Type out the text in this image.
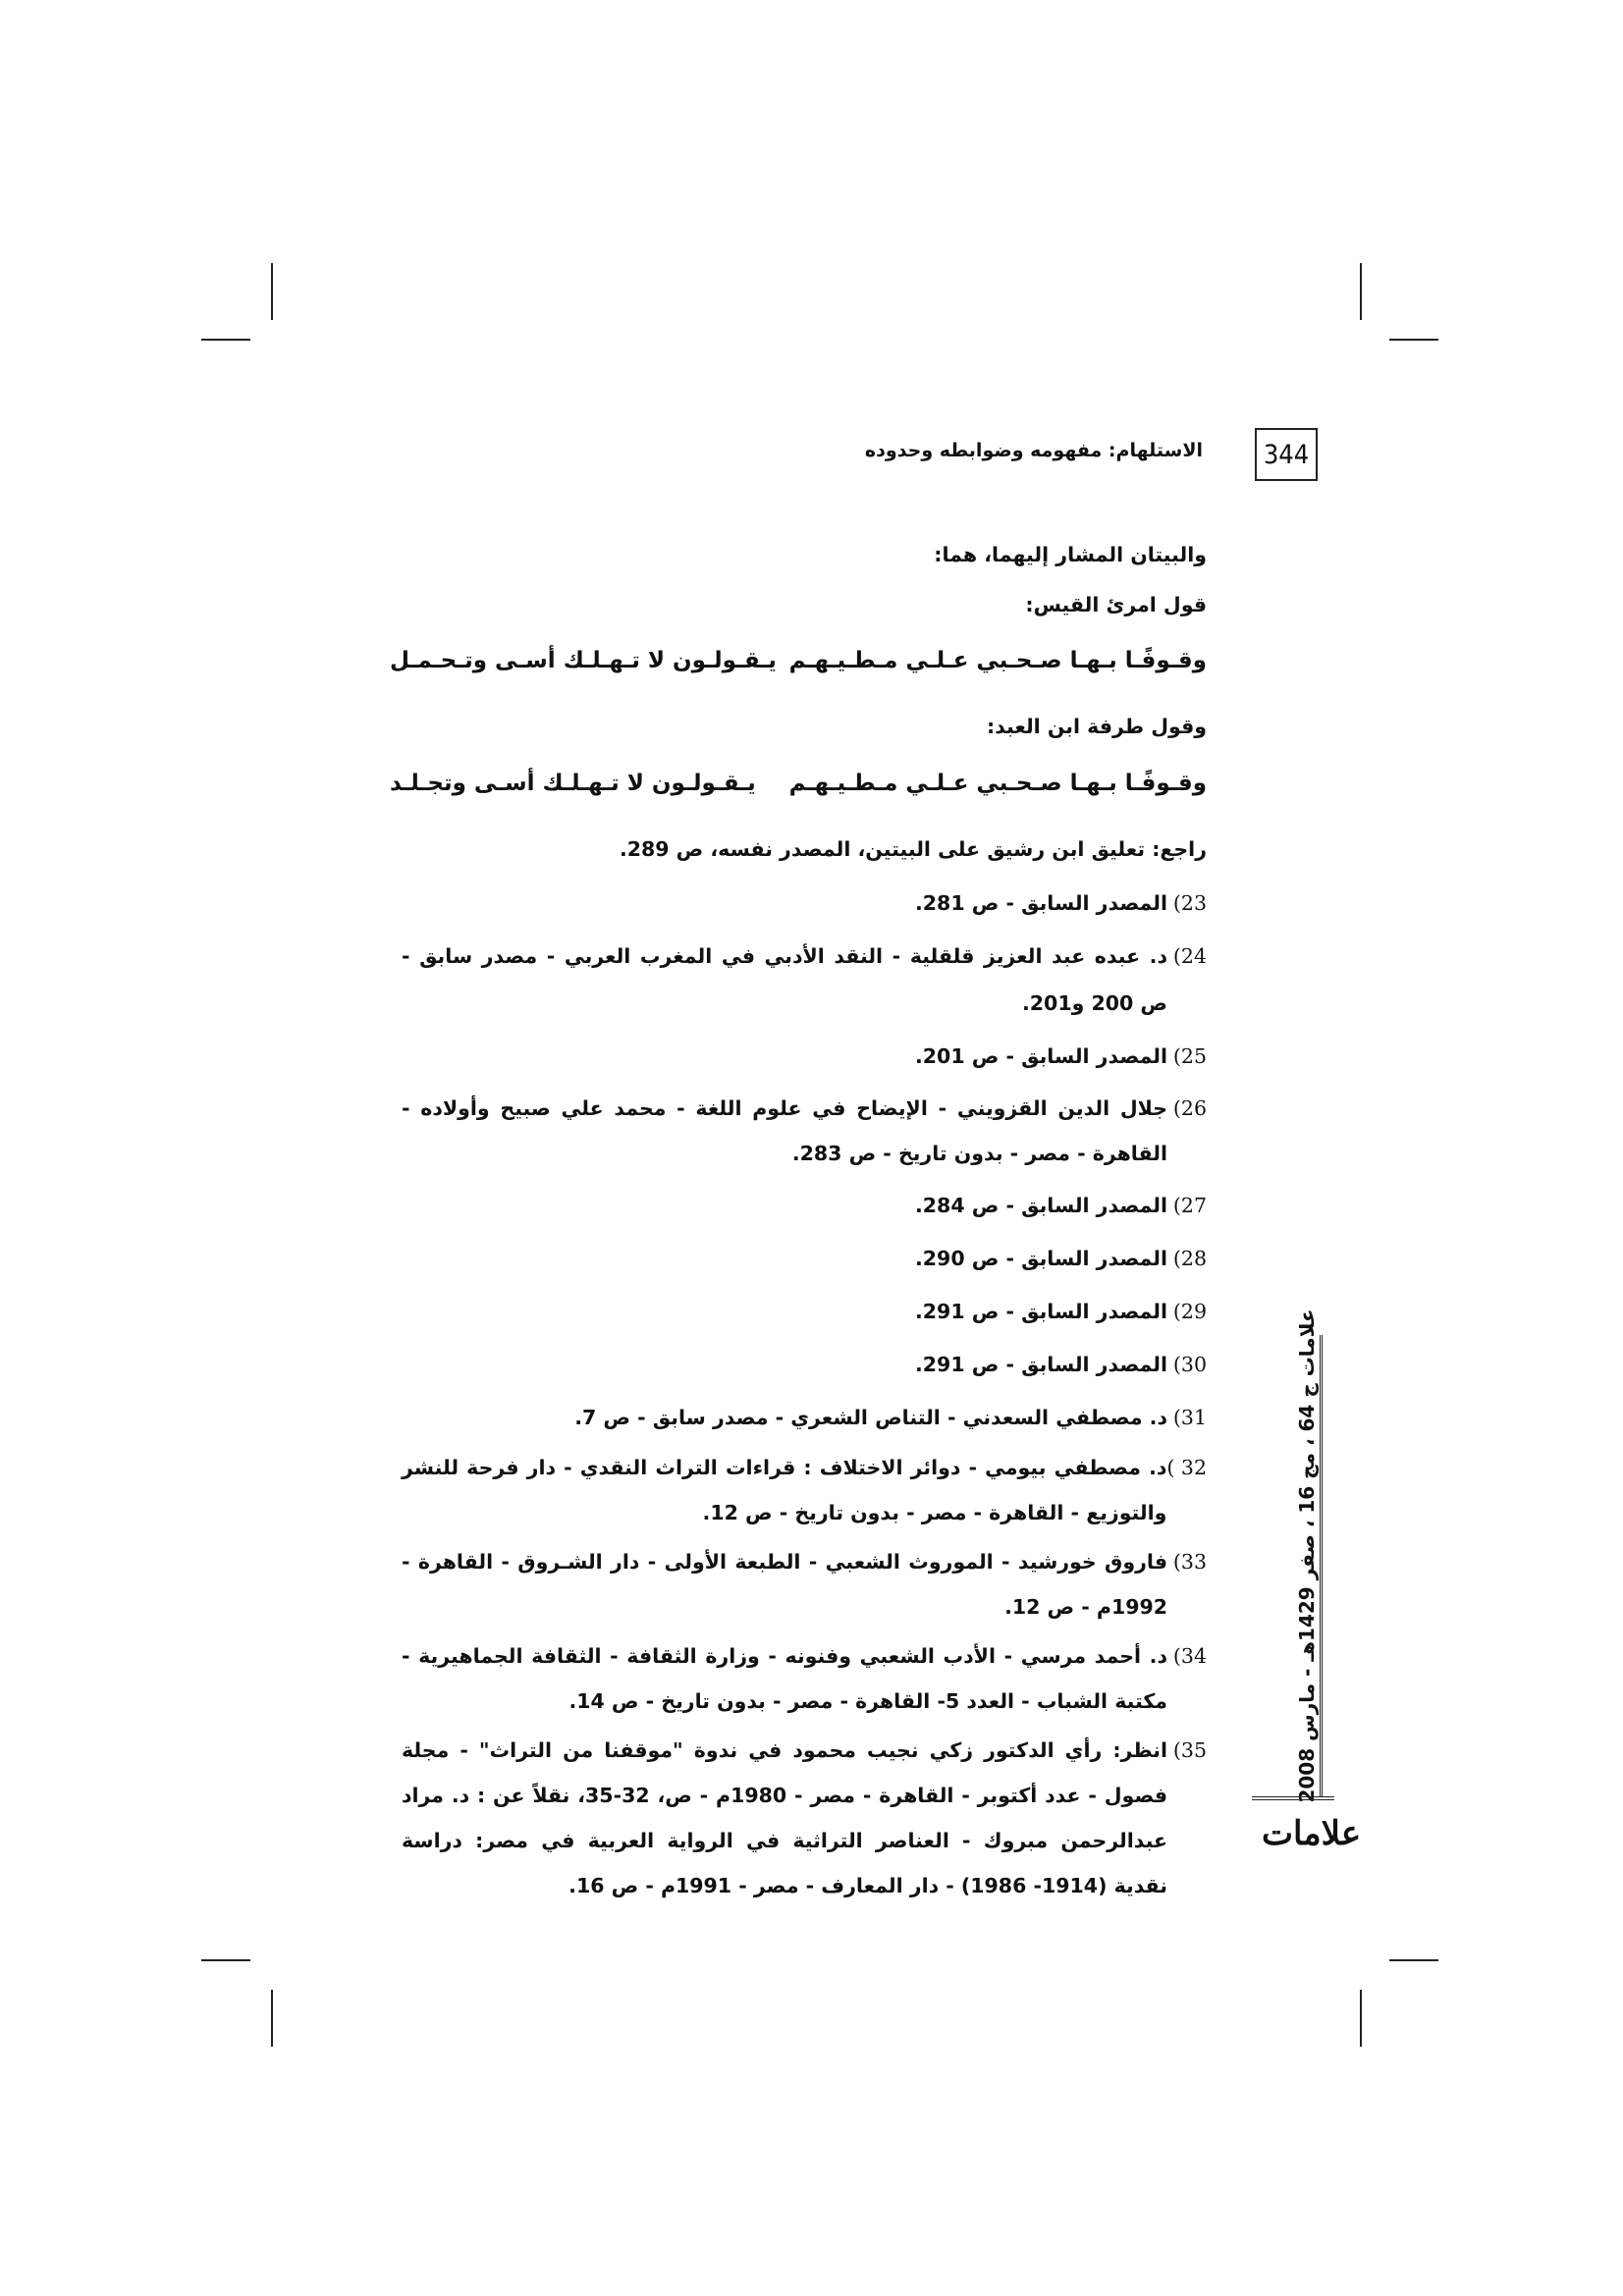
344
الاستلهام: مفهومه وضوابطه وحدوده
والبيتان المشار إليهما، هما:
قول امرئ القيس:
وقـوفًـا بـهـا صـحـبي عـلـي مـطـيـهـم
يـقـولـون لا تـهـلـك أسـى وتـحـمـل
وقول طرفة ابن العبد:
وقـوفًـا بـهـا صـحـبي عـلـي مـطـيـهـم
يـقـولـون لا تـهـلـك أسـى وتجـلـد
راجع: تعليق ابن رشيق على البيتين، المصدر نفسه، ص 289.
23)
المصدر السابق - ص 281.
24)
د. عبده عبد العزيز قلقلية - النقد الأدبي في المغرب العربي - مصدر سابق - ص 200 و201.
25)
المصدر السابق - ص 201.
26)
جلال الدين القزويني - الإيضاح في علوم اللغة - محمد علي صبيح وأولاده - القاهرة - مصر - بدون تاريخ - ص 283.
27)
المصدر السابق - ص 284.
28)
المصدر السابق - ص 290.
29)
المصدر السابق - ص 291.
30)
المصدر السابق - ص 291.
31)
د. مصطفي السعدني - التناص الشعري - مصدر سابق - ص 7.
32 )
د. مصطفي بيومي - دوائر الاختلاف : قراءات التراث النقدي - دار فرحة للنشر والتوزيع - القاهرة - مصر - بدون تاريخ - ص 12.
33)
فاروق خورشيد - الموروث الشعبي - الطبعة الأولى - دار الشـروق - القاهرة - 1992م - ص 12.
34)
د. أحمد مرسي - الأدب الشعبي وفنونه - وزارة الثقافة - الثقافة الجماهيرية - مكتبة الشباب - العدد 5- القاهرة - مصر - بدون تاريخ - ص 14.
35)
انظر: رأي الدكتور زكي نجيب محمود في ندوة "موقفنا من التراث" - مجلة فصول - عدد أكتوبر - القاهرة - مصر - 1980م - ص، 32-35، نقلاً عن : د. مراد عبدالرحمن مبروك - العناصر التراثية في الرواية العربية في مصر: دراسة نقدية (1914- 1986) - دار المعارف - مصر - 1991م - ص 16.
علامات ج 64 ، مج 16 ، صفر 1429هـ - مارس 2008
علامات
